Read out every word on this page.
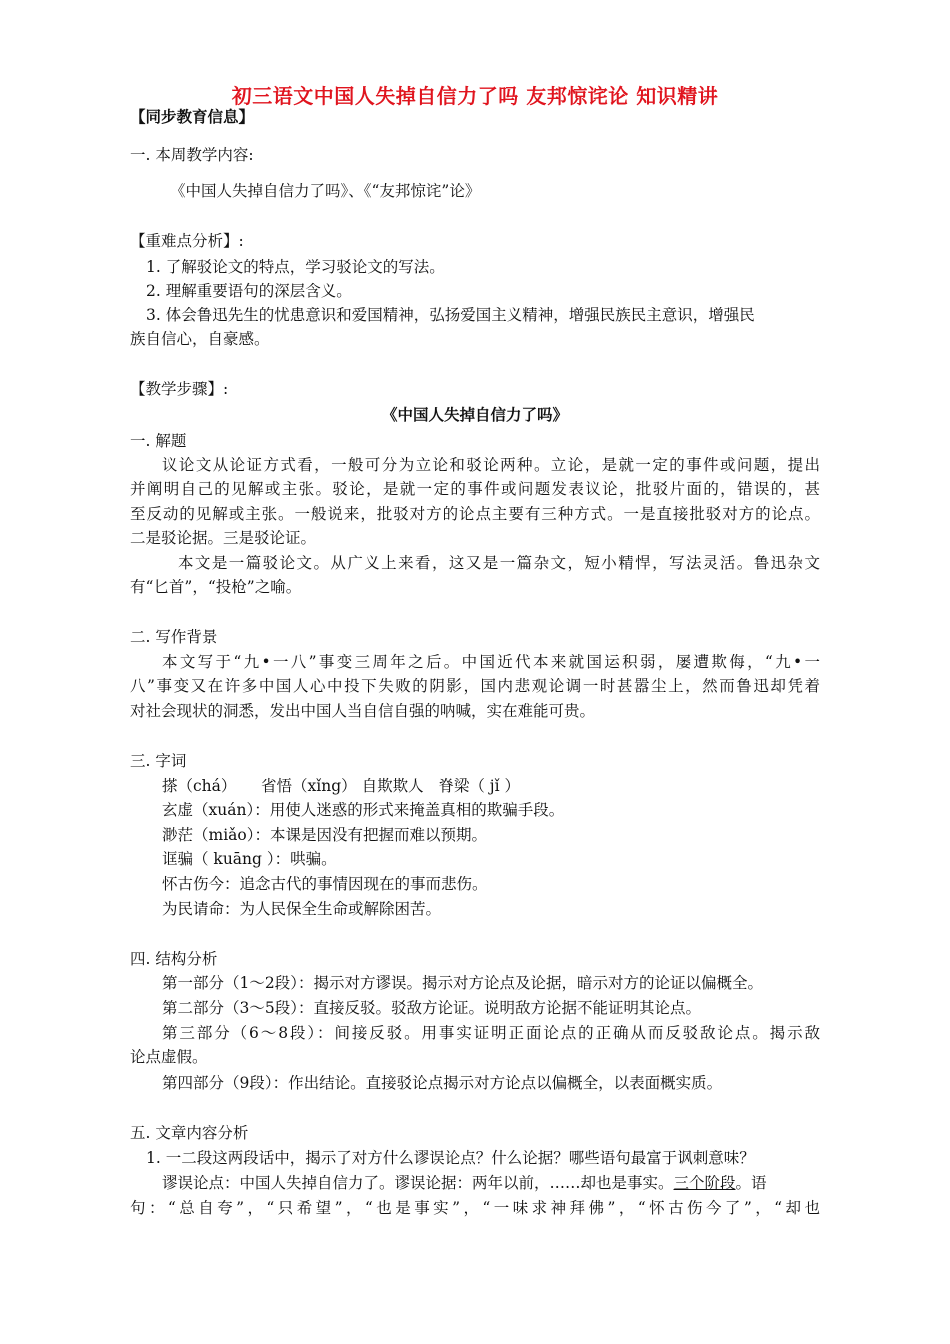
初三语文中国人失掉自信力了吗 友邦惊诧论 知识精讲
【同步教育信息】
一. 本周教学内容:
《中国人失掉自信力了吗》、《“友邦惊诧”论》
【重难点分析】:
1. 了解驳论文的特点，学习驳论文的写法。
2. 理解重要语句的深层含义。
3. 体会鲁迅先生的忧患意识和爱国精神，弘扬爱国主义精神，增强民族民主意识，增强民
族自信心，自豪感。
【教学步骤】:
《中国人失掉自信力了吗》
一. 解题
议论文从论证方式看，一般可分为立论和驳论两种。立论，是就一定的事件或问题，提出
并阐明自己的见解或主张。驳论，是就一定的事件或问题发表议论，批驳片面的，错误的，甚
至反动的见解或主张。一般说来，批驳对方的论点主要有三种方式。一是直接批驳对方的论点。
二是驳论据。三是驳论证。
本文是一篇驳论文。从广义上来看，这又是一篇杂文，短小精悍，写法灵活。鲁迅杂文
有“匕首”，“投枪”之喻。
二. 写作背景
本文写于“九•一八”事变三周年之后。中国近代本来就国运积弱，屡遭欺侮，“九•一
八”事变又在许多中国人心中投下失败的阴影，国内悲观论调一时甚嚣尘上，然而鲁迅却凭着
对社会现状的洞悉，发出中国人当自信自强的呐喊，实在难能可贵。
三. 字词
搽（chá）     省悟（xǐng） 自欺欺人   脊梁（ jǐ ）
玄虚（xuán）：用使人迷惑的形式来掩盖真相的欺骗手段。
渺茫（miǎo）：本课是因没有把握而难以预期。
诓骗（ kuāng ）：哄骗。
怀古伤今：追念古代的事情因现在的事而悲伤。
为民请命：为人民保全生命或解除困苦。
四. 结构分析
第一部分（1～2段）：揭示对方谬误。揭示对方论点及论据，暗示对方的论证以偏概全。
第二部分（3～5段）：直接反驳。驳敌方论证。说明敌方论据不能证明其论点。
第三部分（6～8段）：间接反驳。用事实证明正面论点的正确从而反驳敌论点。揭示敌
论点虚假。
第四部分（9段）：作出结论。直接驳论点揭示对方论点以偏概全，以表面概实质。
五. 文章内容分析
1. 一二段这两段话中，揭示了对方什么谬误论点？什么论据？哪些语句最富于讽刺意味？
谬误论点：中国人失掉自信力了。谬误论据：两年以前，……却也是事实。三个阶段。语
句：“总自夸”，“只希望”，“也是事实”，“一味求神拜佛”，“怀古伤今了”，“却也
